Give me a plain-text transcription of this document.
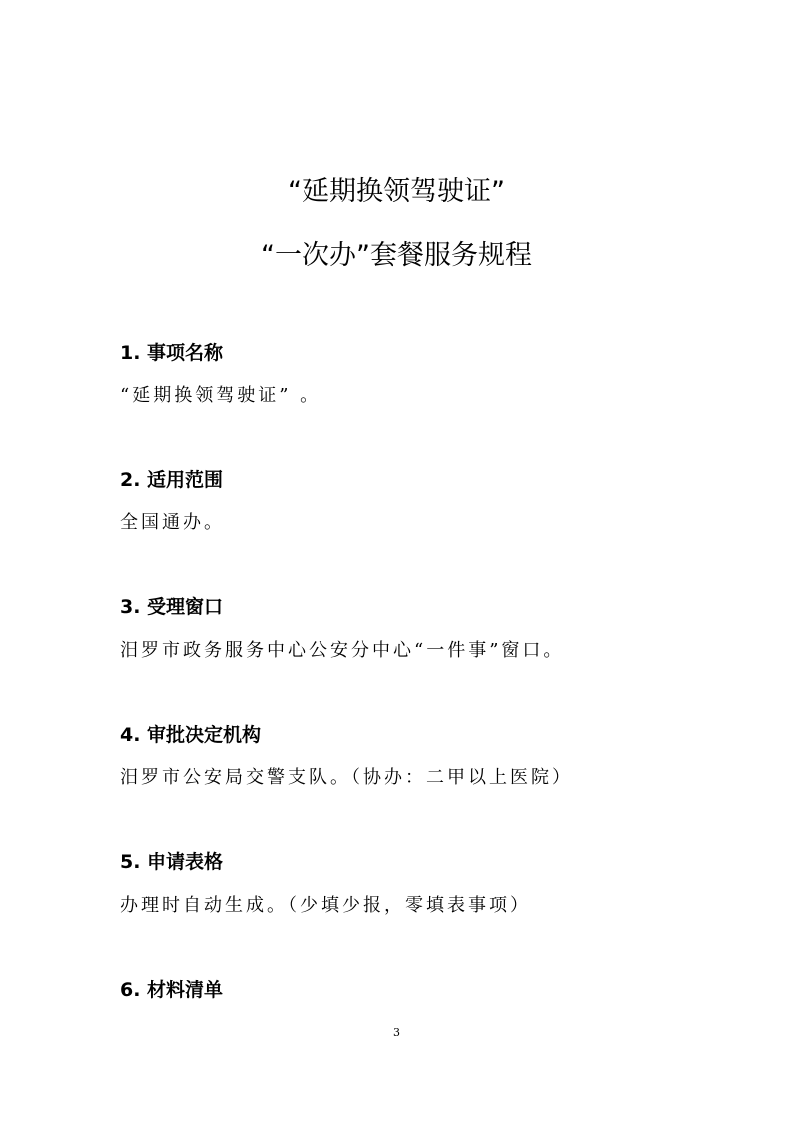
“延期换领驾驶证”
“一次办”套餐服务规程
1. 事项名称
“延期换领驾驶证” 。
2. 适用范围
全国通办。
3. 受理窗口
汨罗市政务服务中心公安分中心“一件事”窗口。
4. 审批决定机构
汨罗市公安局交警支队。（协办：二甲以上医院）
5. 申请表格
办理时自动生成。（少填少报，零填表事项）
6. 材料清单
3
